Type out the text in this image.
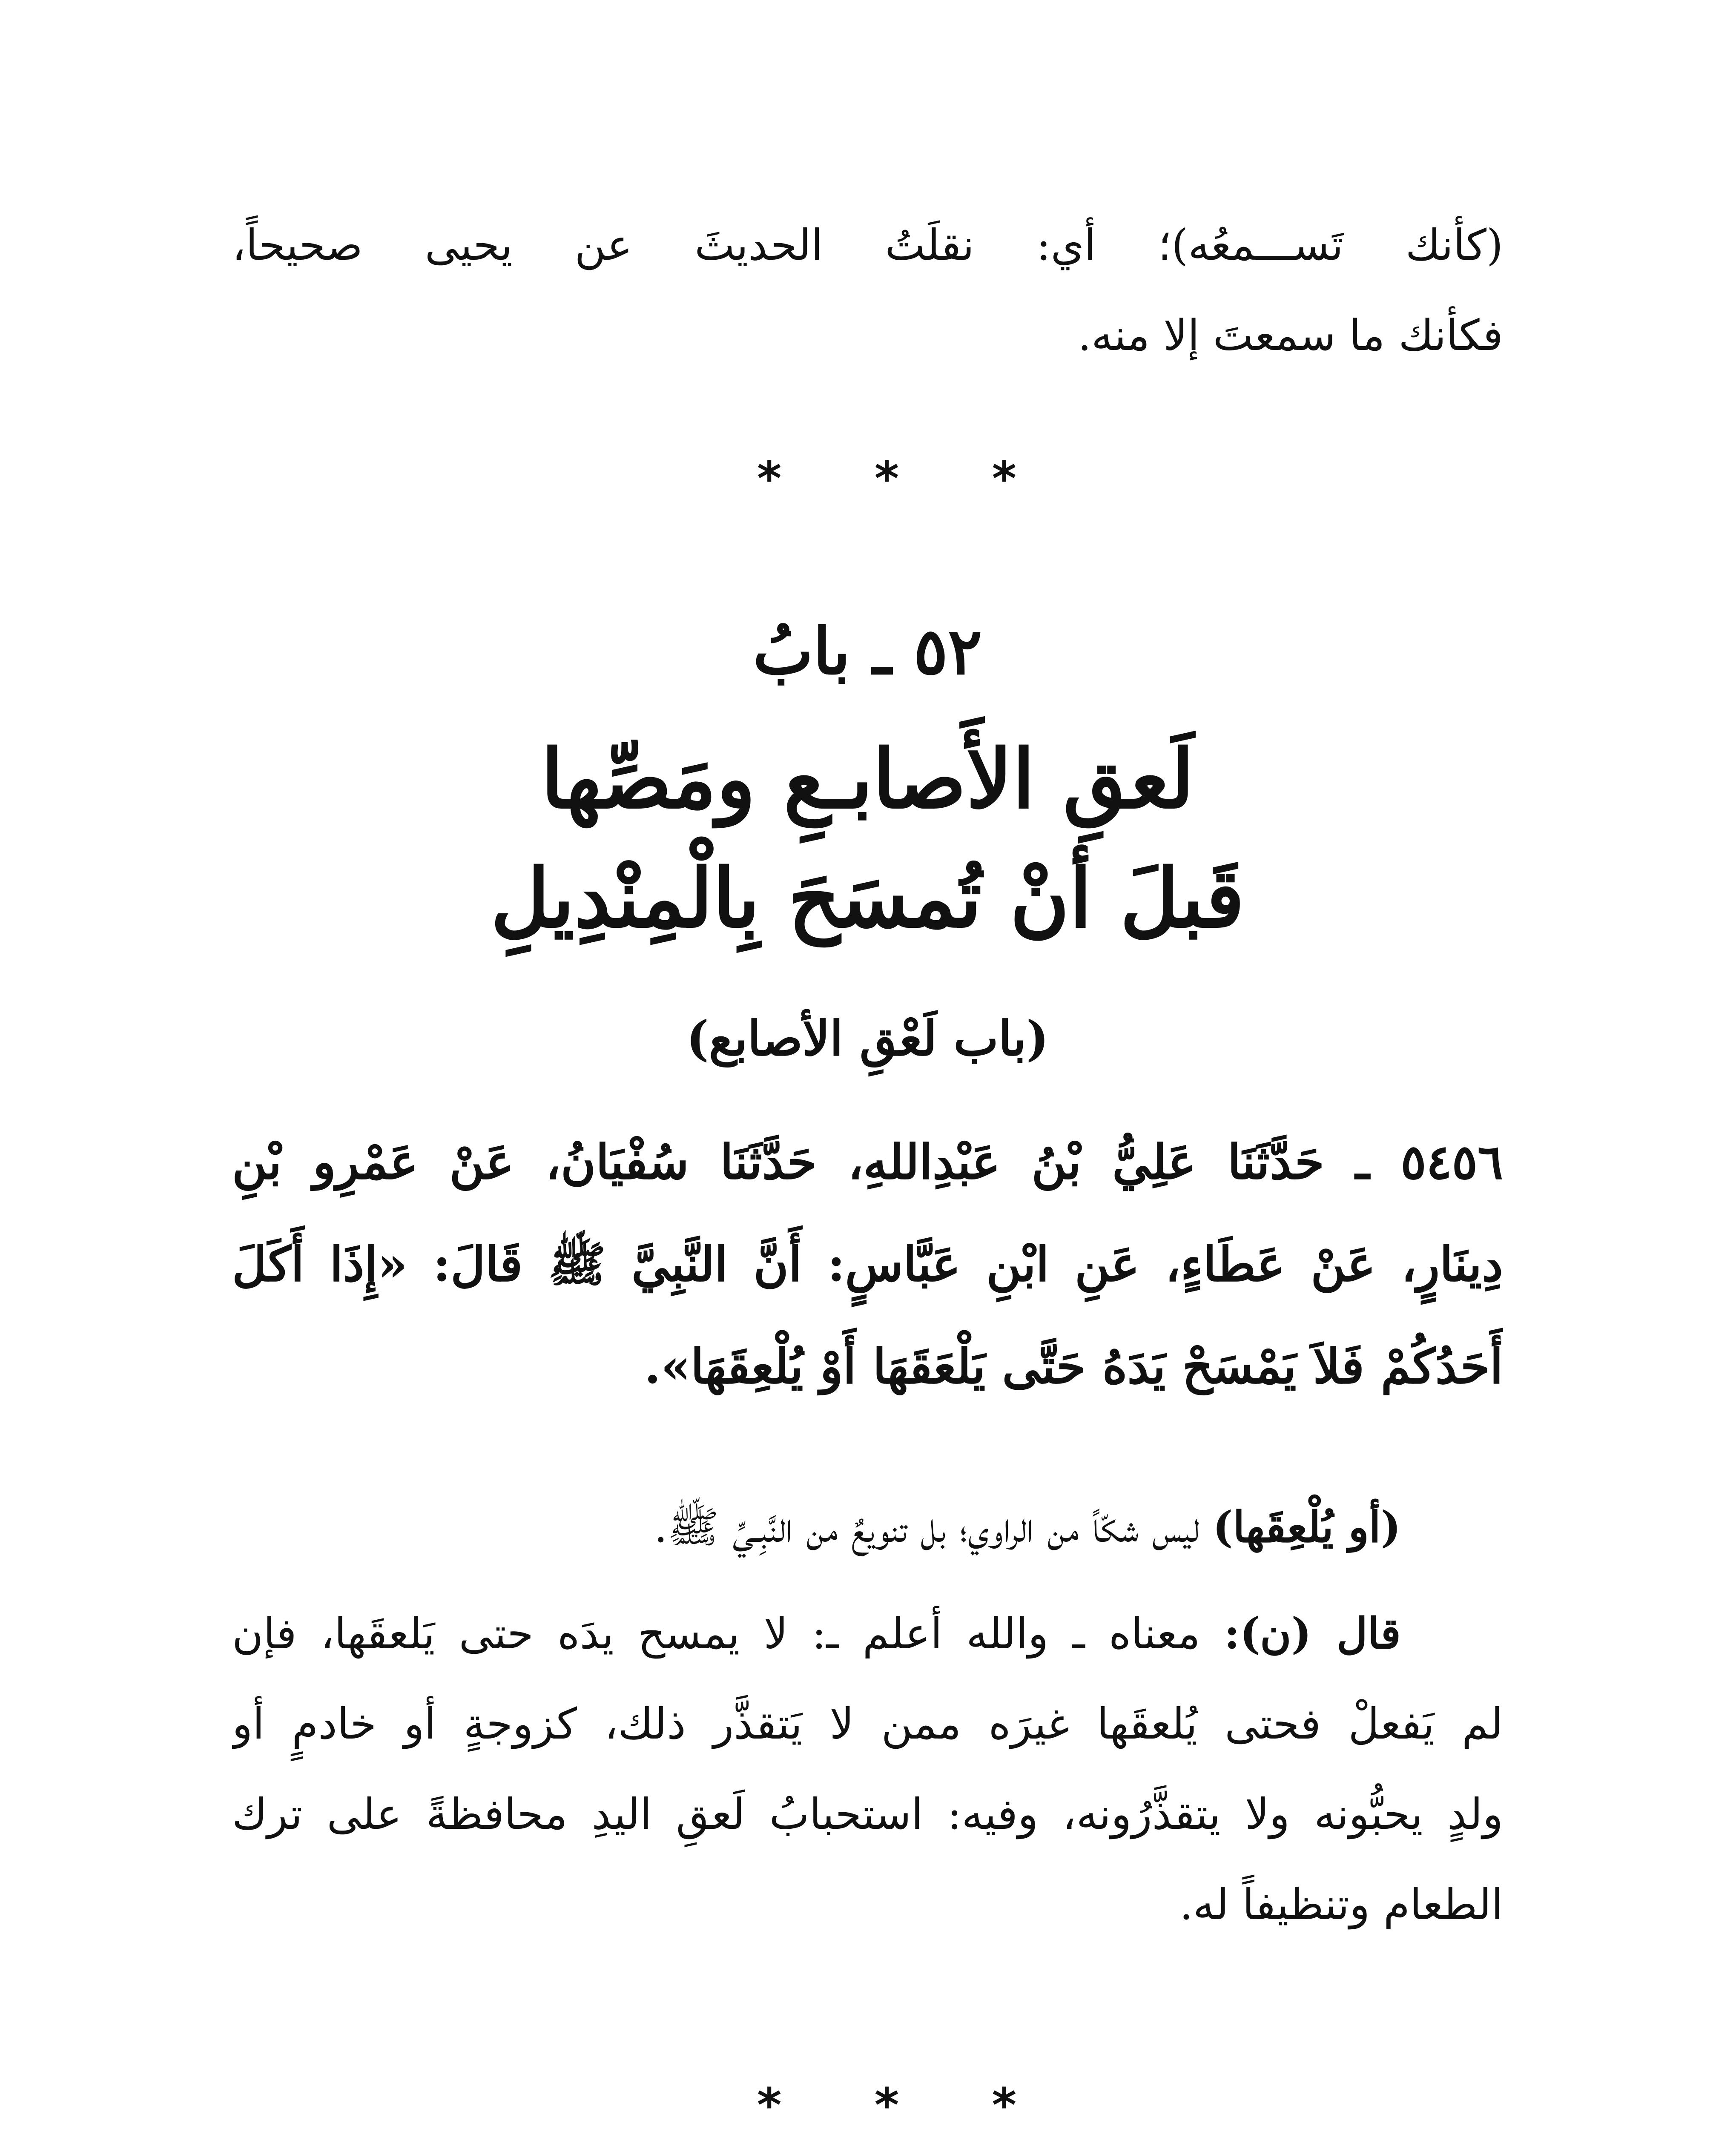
(كأنك تَســـمعُه)؛ أي: نقلَتُ الحديثَ عن يحيى صحيحاً،
فكأنك ما سمعتَ إلا منه.
* * *
٥٢ ـ بابُ
لَعقِ الأَصابـعِ ومَصِّها
قَبلَ أنْ تُمسَحَ بِالْمِنْدِيلِ
(باب لَعْقِ الأصابع)
٥٤٥٦ ـ حَدَّثَنَا عَلِيُّ بْنُ عَبْدِاللهِ، حَدَّثَنَا سُفْيَانُ، عَنْ عَمْرِو بْنِ
دِينَارٍ، عَنْ عَطَاءٍ، عَنِ ابْنِ عَبَّاسٍ: أَنَّ النَّبِيَّ ﷺ قَالَ: «إِذَا أَكَلَ
أَحَدُكُمْ فَلاَ يَمْسَحْ يَدَهُ حَتَّى يَلْعَقَهَا أَوْ يُلْعِقَهَا».
(أو يُلْعِقَها) ليس شكّاً من الراوي؛ بل تنويعٌ من النَّبِـيِّ ﷺ.
قال (ن): معناه ـ والله أعلم ـ: لا يمسح يدَه حتى يَلعقَها، فإن
لم يَفعلْ فحتى يُلعقَها غيرَه ممن لا يَتقذَّر ذلك، كزوجةٍ أو خادمٍ أو
ولدٍ يحبُّونه ولا يتقذَّرُونه، وفيه: استحبابُ لَعقِ اليدِ محافظةً على ترك
الطعام وتنظيفاً له.
* * *
